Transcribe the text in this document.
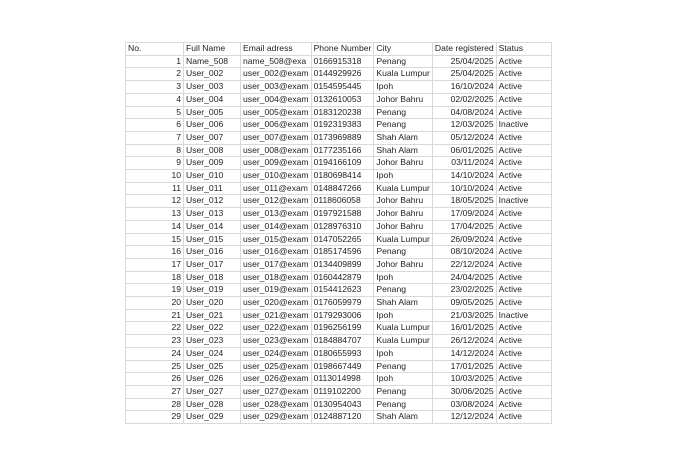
No.	Full Name	Email adress	Phone Number	City	Date registered	Status
1	Name_508	name_508@exa	0166915318	Penang	25/04/2025	Active
2	User_002	user_002@exam	0144929926	Kuala Lumpur	25/04/2025	Active
3	User_003	user_003@exam	0154595445	Ipoh	16/10/2024	Active
4	User_004	user_004@exam	0132610053	Johor Bahru	02/02/2025	Active
5	User_005	user_005@exam	0183120238	Penang	04/08/2024	Active
6	User_006	user_006@exam	0192319383	Penang	12/03/2025	Inactive
7	User_007	user_007@exam	0173969889	Shah Alam	05/12/2024	Active
8	User_008	user_008@exam	0177235166	Shah Alam	06/01/2025	Active
9	User_009	user_009@exam	0194166109	Johor Bahru	03/11/2024	Active
10	User_010	user_010@exam	0180698414	Ipoh	14/10/2024	Active
11	User_011	user_011@exam	0148847266	Kuala Lumpur	10/10/2024	Active
12	User_012	user_012@exam	0118606058	Johor Bahru	18/05/2025	Inactive
13	User_013	user_013@exam	0197921588	Johor Bahru	17/09/2024	Active
14	User_014	user_014@exam	0128976310	Johor Bahru	17/04/2025	Active
15	User_015	user_015@exam	0147052265	Kuala Lumpur	26/09/2024	Active
16	User_016	user_016@exam	0185174596	Penang	08/10/2024	Active
17	User_017	user_017@exam	0134409899	Johor Bahru	22/12/2024	Active
18	User_018	user_018@exam	0160442879	Ipoh	24/04/2025	Active
19	User_019	user_019@exam	0154412623	Penang	23/02/2025	Active
20	User_020	user_020@exam	0176059979	Shah Alam	09/05/2025	Active
21	User_021	user_021@exam	0179293006	Ipoh	21/03/2025	Inactive
22	User_022	user_022@exam	0196256199	Kuala Lumpur	16/01/2025	Active
23	User_023	user_023@exam	0184884707	Kuala Lumpur	26/12/2024	Active
24	User_024	user_024@exam	0180655993	Ipoh	14/12/2024	Active
25	User_025	user_025@exam	0198667449	Penang	17/01/2025	Active
26	User_026	user_026@exam	0113014998	Ipoh	10/03/2025	Active
27	User_027	user_027@exam	0119102200	Penang	30/06/2025	Active
28	User_028	user_028@exam	0130954043	Penang	03/08/2024	Active
29	User_029	user_029@exam	0124887120	Shah Alam	12/12/2024	Active
